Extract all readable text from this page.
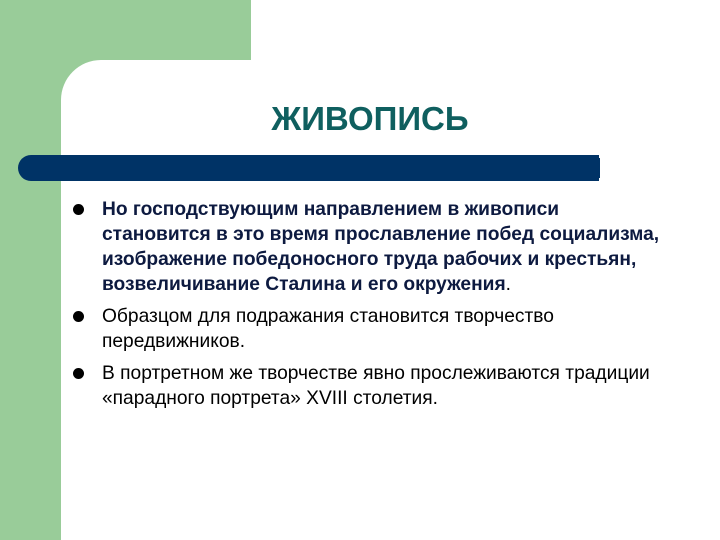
ЖИВОПИСЬ
Но господствующим направлением в живописи становится в это время прославление побед социализма, изображение победоносного труда рабочих и крестьян, возвеличивание Сталина и его окружения.
Образцом для подражания становится творчество передвижников.
В портретном же творчестве явно прослеживаются традиции «парадного портрета» XVIII столетия.
